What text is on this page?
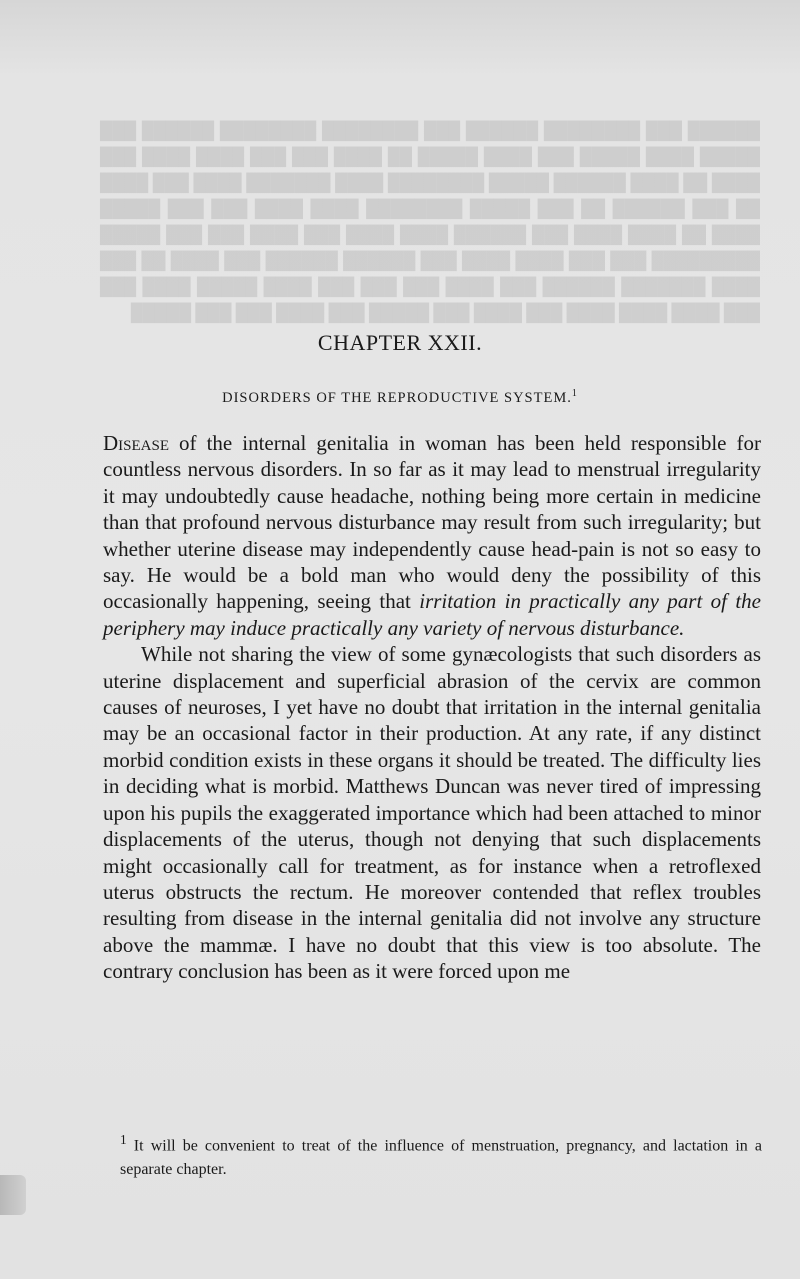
██████ ███ ████████ ██████ ███ ████████ ████████ ██████ ███ █████ ████ █████ ███ ████ █████ ██ ████ ███ ███ ████ ████ ███ ████ ██ ████ ██████ █████ ████████ ████ ███████ ████ ███ ████ ██ ███ ██████ ██ ███ █████ ████████ ████ ████ ███ ███ █████ ████ ██ ████ ████ ███ ██████ ████ ████ ███ ████ ███ ███ █████ █████████ ███ ███ ████ ████ ███ ██████ ██████ ███ ████ ██ ███ ████ ███████ ██████ ███ ████ ███ ███ ███ ████ █████ ████ ███ ███ ████ ████ ████ ███ ████ ███ █████ ███ ████ ███ ███ █████
CHAPTER XXII.
DISORDERS OF THE REPRODUCTIVE SYSTEM.$^1$

Disease of the internal genitalia in woman has been held responsible for countless nervous disorders. In so far as it may lead to menstrual irregularity it may undoubtedly cause headache, nothing being more certain in medicine than that profound nervous disturbance may result from such irregularity; but whether uterine disease may independently cause head-pain is not so easy to say. He would be a bold man who would deny the possibility of this occasionally happening, seeing that irritation in practically any part of the periphery may induce practically any variety of nervous disturbance.

While not sharing the view of some gynæcologists that such disorders as uterine displacement and superficial abrasion of the cervix are common causes of neuroses, I yet have no doubt that irritation in the internal genitalia may be an occasional factor in their production. At any rate, if any distinct morbid condition exists in these organs it should be treated. The difficulty lies in deciding what is morbid. Matthews Duncan was never tired of impressing upon his pupils the exaggerated importance which had been attached to minor displacements of the uterus, though not denying that such displacements might occasionally call for treatment, as for instance when a retroflexed uterus obstructs the rectum. He moreover contended that reflex troubles resulting from disease in the internal genitalia did not involve any structure above the mammæ. I have no doubt that this view is too absolute. The contrary conclusion has been as it were forced upon me

$^1$ It will be convenient to treat of the influence of menstruation, pregnancy, and lactation in a separate chapter.
